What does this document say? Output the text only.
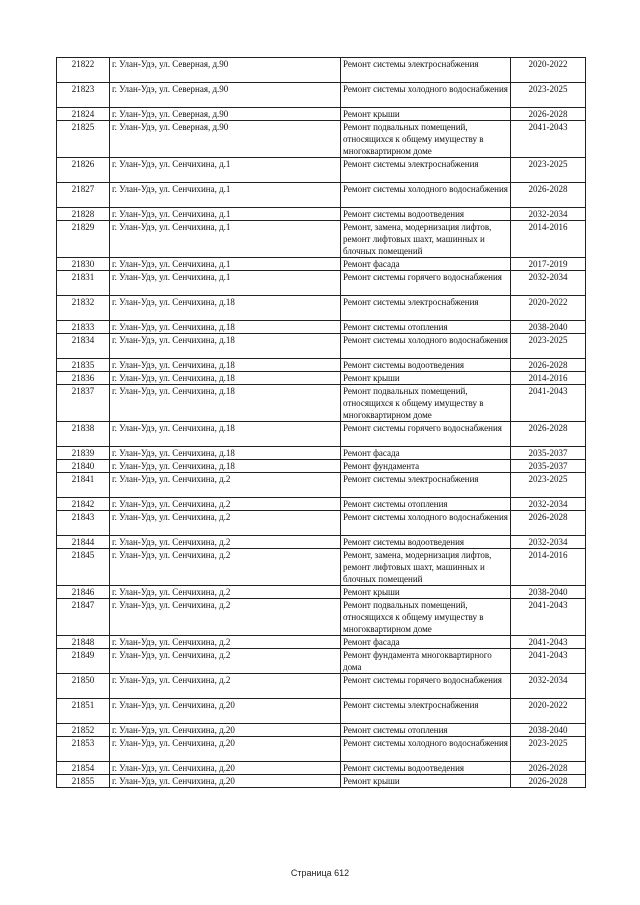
21822	г. Улан-Удэ, ул. Северная, д.90	Ремонт системы электроснабжения	2020-2022
21823	г. Улан-Удэ, ул. Северная, д.90	Ремонт системы холодного водоснабжения	2023-2025
21824	г. Улан-Удэ, ул. Северная, д.90	Ремонт крыши	2026-2028
21825	г. Улан-Удэ, ул. Северная, д.90	Ремонт подвальных помещений, относящихся к общему имуществу в многоквартирном доме	2041-2043
21826	г. Улан-Удэ, ул. Сенчихина, д.1	Ремонт системы электроснабжения	2023-2025
21827	г. Улан-Удэ, ул. Сенчихина, д.1	Ремонт системы холодного водоснабжения	2026-2028
21828	г. Улан-Удэ, ул. Сенчихина, д.1	Ремонт системы водоотведения	2032-2034
21829	г. Улан-Удэ, ул. Сенчихина, д.1	Ремонт, замена, модернизация лифтов, ремонт лифтовых шахт, машинных и блочных помещений	2014-2016
21830	г. Улан-Удэ, ул. Сенчихина, д.1	Ремонт фасада	2017-2019
21831	г. Улан-Удэ, ул. Сенчихина, д.1	Ремонт системы горячего водоснабжения	2032-2034
21832	г. Улан-Удэ, ул. Сенчихина, д.18	Ремонт системы электроснабжения	2020-2022
21833	г. Улан-Удэ, ул. Сенчихина, д.18	Ремонт системы отопления	2038-2040
21834	г. Улан-Удэ, ул. Сенчихина, д.18	Ремонт системы холодного водоснабжения	2023-2025
21835	г. Улан-Удэ, ул. Сенчихина, д.18	Ремонт системы водоотведения	2026-2028
21836	г. Улан-Удэ, ул. Сенчихина, д.18	Ремонт крыши	2014-2016
21837	г. Улан-Удэ, ул. Сенчихина, д.18	Ремонт подвальных помещений, относящихся к общему имуществу в многоквартирном доме	2041-2043
21838	г. Улан-Удэ, ул. Сенчихина, д.18	Ремонт системы горячего водоснабжения	2026-2028
21839	г. Улан-Удэ, ул. Сенчихина, д.18	Ремонт фасада	2035-2037
21840	г. Улан-Удэ, ул. Сенчихина, д.18	Ремонт фундамента	2035-2037
21841	г. Улан-Удэ, ул. Сенчихина, д.2	Ремонт системы электроснабжения	2023-2025
21842	г. Улан-Удэ, ул. Сенчихина, д.2	Ремонт системы отопления	2032-2034
21843	г. Улан-Удэ, ул. Сенчихина, д.2	Ремонт системы холодного водоснабжения	2026-2028
21844	г. Улан-Удэ, ул. Сенчихина, д.2	Ремонт системы водоотведения	2032-2034
21845	г. Улан-Удэ, ул. Сенчихина, д.2	Ремонт, замена, модернизация лифтов, ремонт лифтовых шахт, машинных и блочных помещений	2014-2016
21846	г. Улан-Удэ, ул. Сенчихина, д.2	Ремонт крыши	2038-2040
21847	г. Улан-Удэ, ул. Сенчихина, д.2	Ремонт подвальных помещений, относящихся к общему имуществу в многоквартирном доме	2041-2043
21848	г. Улан-Удэ, ул. Сенчихина, д.2	Ремонт фасада	2041-2043
21849	г. Улан-Удэ, ул. Сенчихина, д.2	Ремонт фундамента многоквартирного дома	2041-2043
21850	г. Улан-Удэ, ул. Сенчихина, д.2	Ремонт системы горячего водоснабжения	2032-2034
21851	г. Улан-Удэ, ул. Сенчихина, д.20	Ремонт системы электроснабжения	2020-2022
21852	г. Улан-Удэ, ул. Сенчихина, д.20	Ремонт системы отопления	2038-2040
21853	г. Улан-Удэ, ул. Сенчихина, д.20	Ремонт системы холодного водоснабжения	2023-2025
21854	г. Улан-Удэ, ул. Сенчихина, д.20	Ремонт системы водоотведения	2026-2028
21855	г. Улан-Удэ, ул. Сенчихина, д.20	Ремонт крыши	2026-2028
Страница 612
